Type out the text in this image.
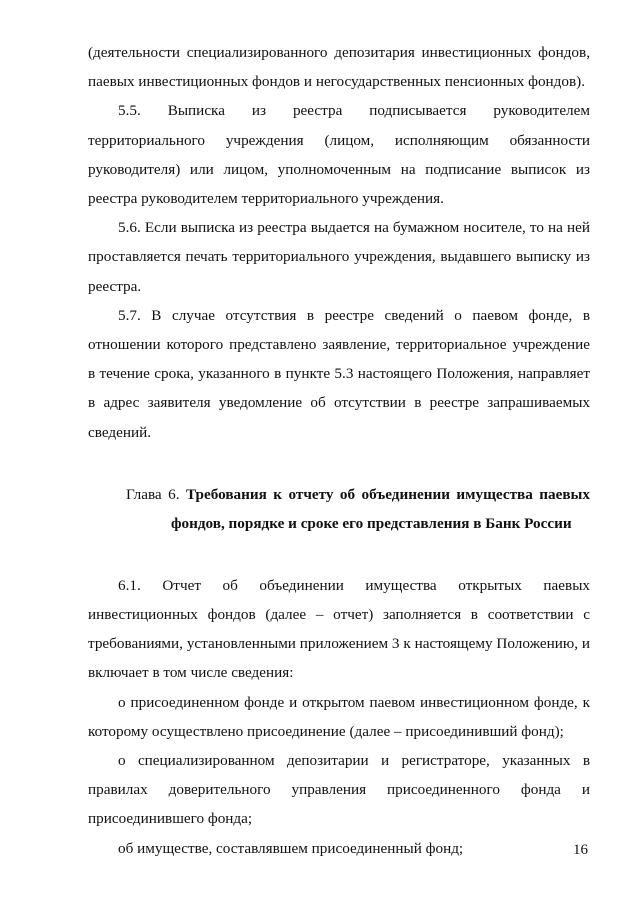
(деятельности специализированного депозитария инвестиционных фондов, паевых инвестиционных фондов и негосударственных пенсионных фондов).

5.5. Выписка из реестра подписывается руководителем территориального учреждения (лицом, исполняющим обязанности руководителя) или лицом, уполномоченным на подписание выписок из реестра руководителем территориального учреждения.

5.6. Если выписка из реестра выдается на бумажном носителе, то на ней проставляется печать территориального учреждения, выдавшего выписку из реестра.

5.7. В случае отсутствия в реестре сведений о паевом фонде, в отношении которого представлено заявление, территориальное учреждение в течение срока, указанного в пункте 5.3 настоящего Положения, направляет в адрес заявителя уведомление об отсутствии в реестре запрашиваемых сведений.

Глава 6. Требования к отчету об объединении имущества паевых фондов, порядке и сроке его представления в Банк России

6.1. Отчет об объединении имущества открытых паевых инвестиционных фондов (далее – отчет) заполняется в соответствии с требованиями, установленными приложением 3 к настоящему Положению, и включает в том числе сведения:

о присоединенном фонде и открытом паевом инвестиционном фонде, к которому осуществлено присоединение (далее – присоединивший фонд);

о специализированном депозитарии и регистраторе, указанных в правилах доверительного управления присоединенного фонда и присоединившего фонда;

об имуществе, составлявшем присоединенный фонд;	16
